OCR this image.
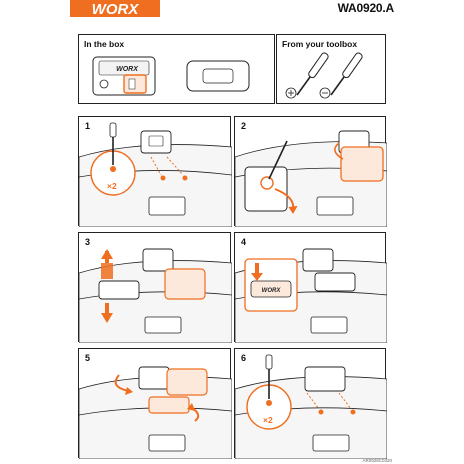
WORX	WA0920.A
In the box
WORX
From your toolbox
1
×2
2
3	4
WORX
5	6
×2
AR0928C0320
